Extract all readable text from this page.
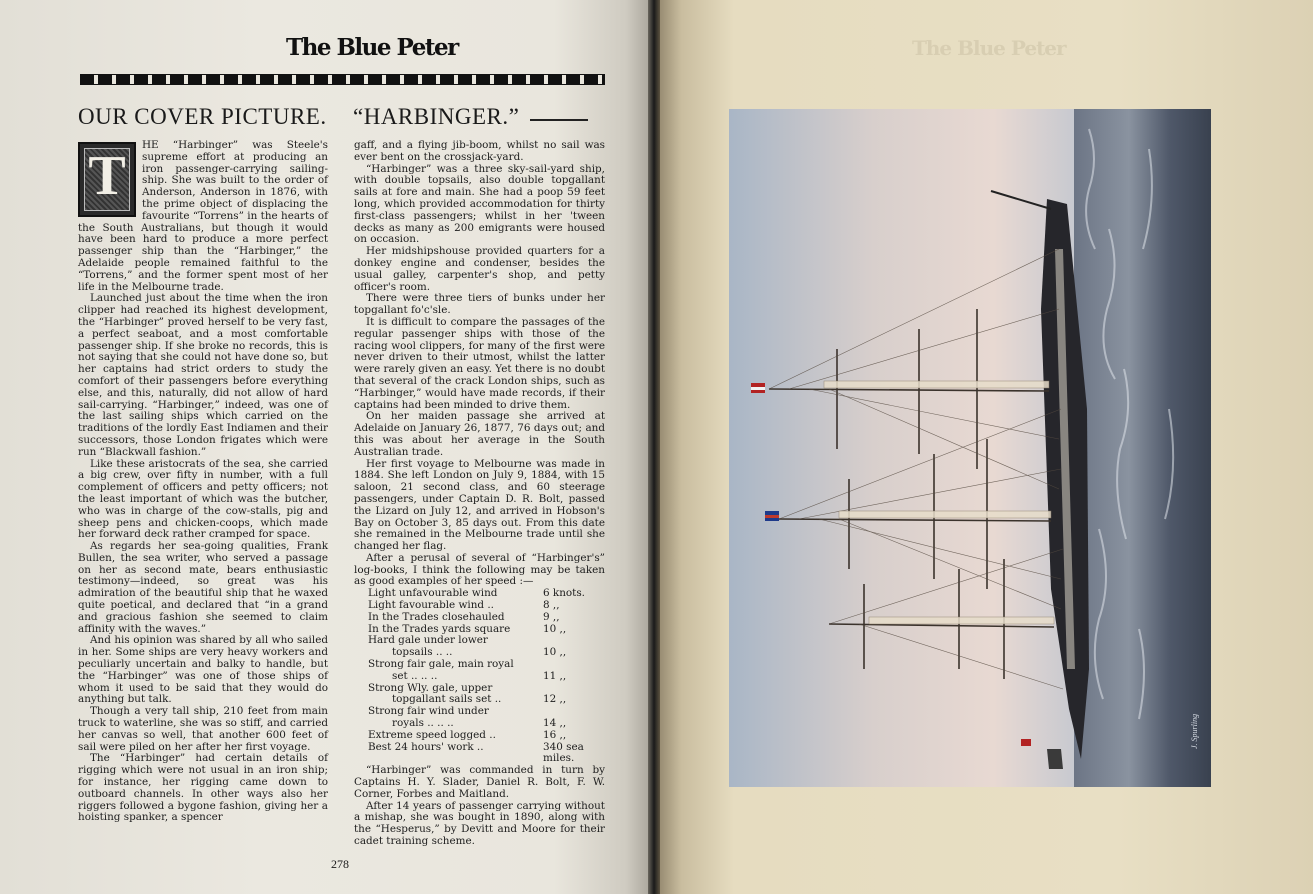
The Blue Peter
OUR COVER PICTURE. “HARBINGER.”
T	HE “Harbinger” was Steele's supreme effort at producing an iron passenger-carrying sailing-ship. She was built to the order of Anderson, Anderson in 1876, with the prime object of displacing the favourite “Torrens” in the hearts of the South Australians, but though it would have been hard to produce a more perfect passenger ship than the “Harbinger,” the Adelaide people remained faithful to the “Torrens,” and the former spent most of her life in the Melbourne trade.

Launched just about the time when the iron clipper had reached its highest development, the “Harbinger” proved herself to be very fast, a perfect seaboat, and a most comfortable passenger ship. If she broke no records, this is not saying that she could not have done so, but her captains had strict orders to study the comfort of their passengers before everything else, and this, naturally, did not allow of hard sail-carrying. “Harbinger,” indeed, was one of the last sailing ships which carried on the traditions of the lordly East Indiamen and their successors, those London frigates which were run “Blackwall fashion.”

Like these aristocrats of the sea, she carried a big crew, over fifty in number, with a full complement of officers and petty officers; not the least important of which was the butcher, who was in charge of the cow-stalls, pig and sheep pens and chicken-coops, which made her forward deck rather cramped for space.

As regards her sea-going qualities, Frank Bullen, the sea writer, who served a passage on her as second mate, bears enthusiastic testimony—indeed, so great was his admiration of the beautiful ship that he waxed quite poetical, and declared that “in a grand and gracious fashion she seemed to claim affinity with the waves.”

And his opinion was shared by all who sailed in her. Some ships are very heavy workers and peculiarly uncertain and balky to handle, but the “Harbinger” was one of those ships of whom it used to be said that they would do anything but talk.

Though a very tall ship, 210 feet from main truck to waterline, she was so stiff, and carried her canvas so well, that another 600 feet of sail were piled on her after her first voyage.

The “Harbinger” had certain details of rigging which were not usual in an iron ship; for instance, her rigging came down to outboard channels. In other ways also her riggers followed a bygone fashion, giving her a hoisting spanker, a spencer

gaff, and a flying jib-boom, whilst no sail was ever bent on the crossjack-yard.

“Harbinger” was a three sky-sail-yard ship, with double topsails, also double topgallant sails at fore and main. She had a poop 59 feet long, which provided accommodation for thirty first-class passengers; whilst in her 'tween decks as many as 200 emigrants were housed on occasion.

Her midshipshouse provided quarters for a donkey engine and condenser, besides the usual galley, carpenter's shop, and petty officer's room.

There were three tiers of bunks under her topgallant fo'c'sle.

It is difficult to compare the passages of the regular passenger ships with those of the racing wool clippers, for many of the first were never driven to their utmost, whilst the latter were rarely given an easy. Yet there is no doubt that several of the crack London ships, such as “Harbinger,” would have made records, if their captains had been minded to drive them.

On her maiden passage she arrived at Adelaide on January 26, 1877, 76 days out; and this was about her average in the South Australian trade.

Her first voyage to Melbourne was made in 1884. She left London on July 9, 1884, with 15 saloon, 21 second class, and 60 steerage passengers, under Captain D. R. Bolt, passed the Lizard on July 12, and arrived in Hobson's Bay on October 3, 85 days out. From this date she remained in the Melbourne trade until she changed her flag.

After a perusal of several of “Harbinger's” log-books, I think the following may be taken as good examples of her speed :—

Light unfavourable wind	6 knots.
Light favourable wind ..	8 ,,
In the Trades closehauled	9 ,,
In the Trades yards square	10 ,,
Hard gale under lower
topsails .. ..	10 ,,
Strong fair gale, main royal
set .. .. ..	11 ,,
Strong Wly. gale, upper
topgallant sails set ..	12 ,,
Strong fair wind under
royals .. .. ..	14 ,,
Extreme speed logged ..	16 ,,
Best 24 hours' work ..	340 sea miles.

“Harbinger” was commanded in turn by Captains H. Y. Slader, Daniel R. Bolt, F. W. Corner, Forbes and Maitland.

After 14 years of passenger carrying without a mishap, she was bought in 1890, along with the “Hesperus,” by Devitt and Moore for their cadet training scheme.

278
The Blue Peter
J. Spurling
